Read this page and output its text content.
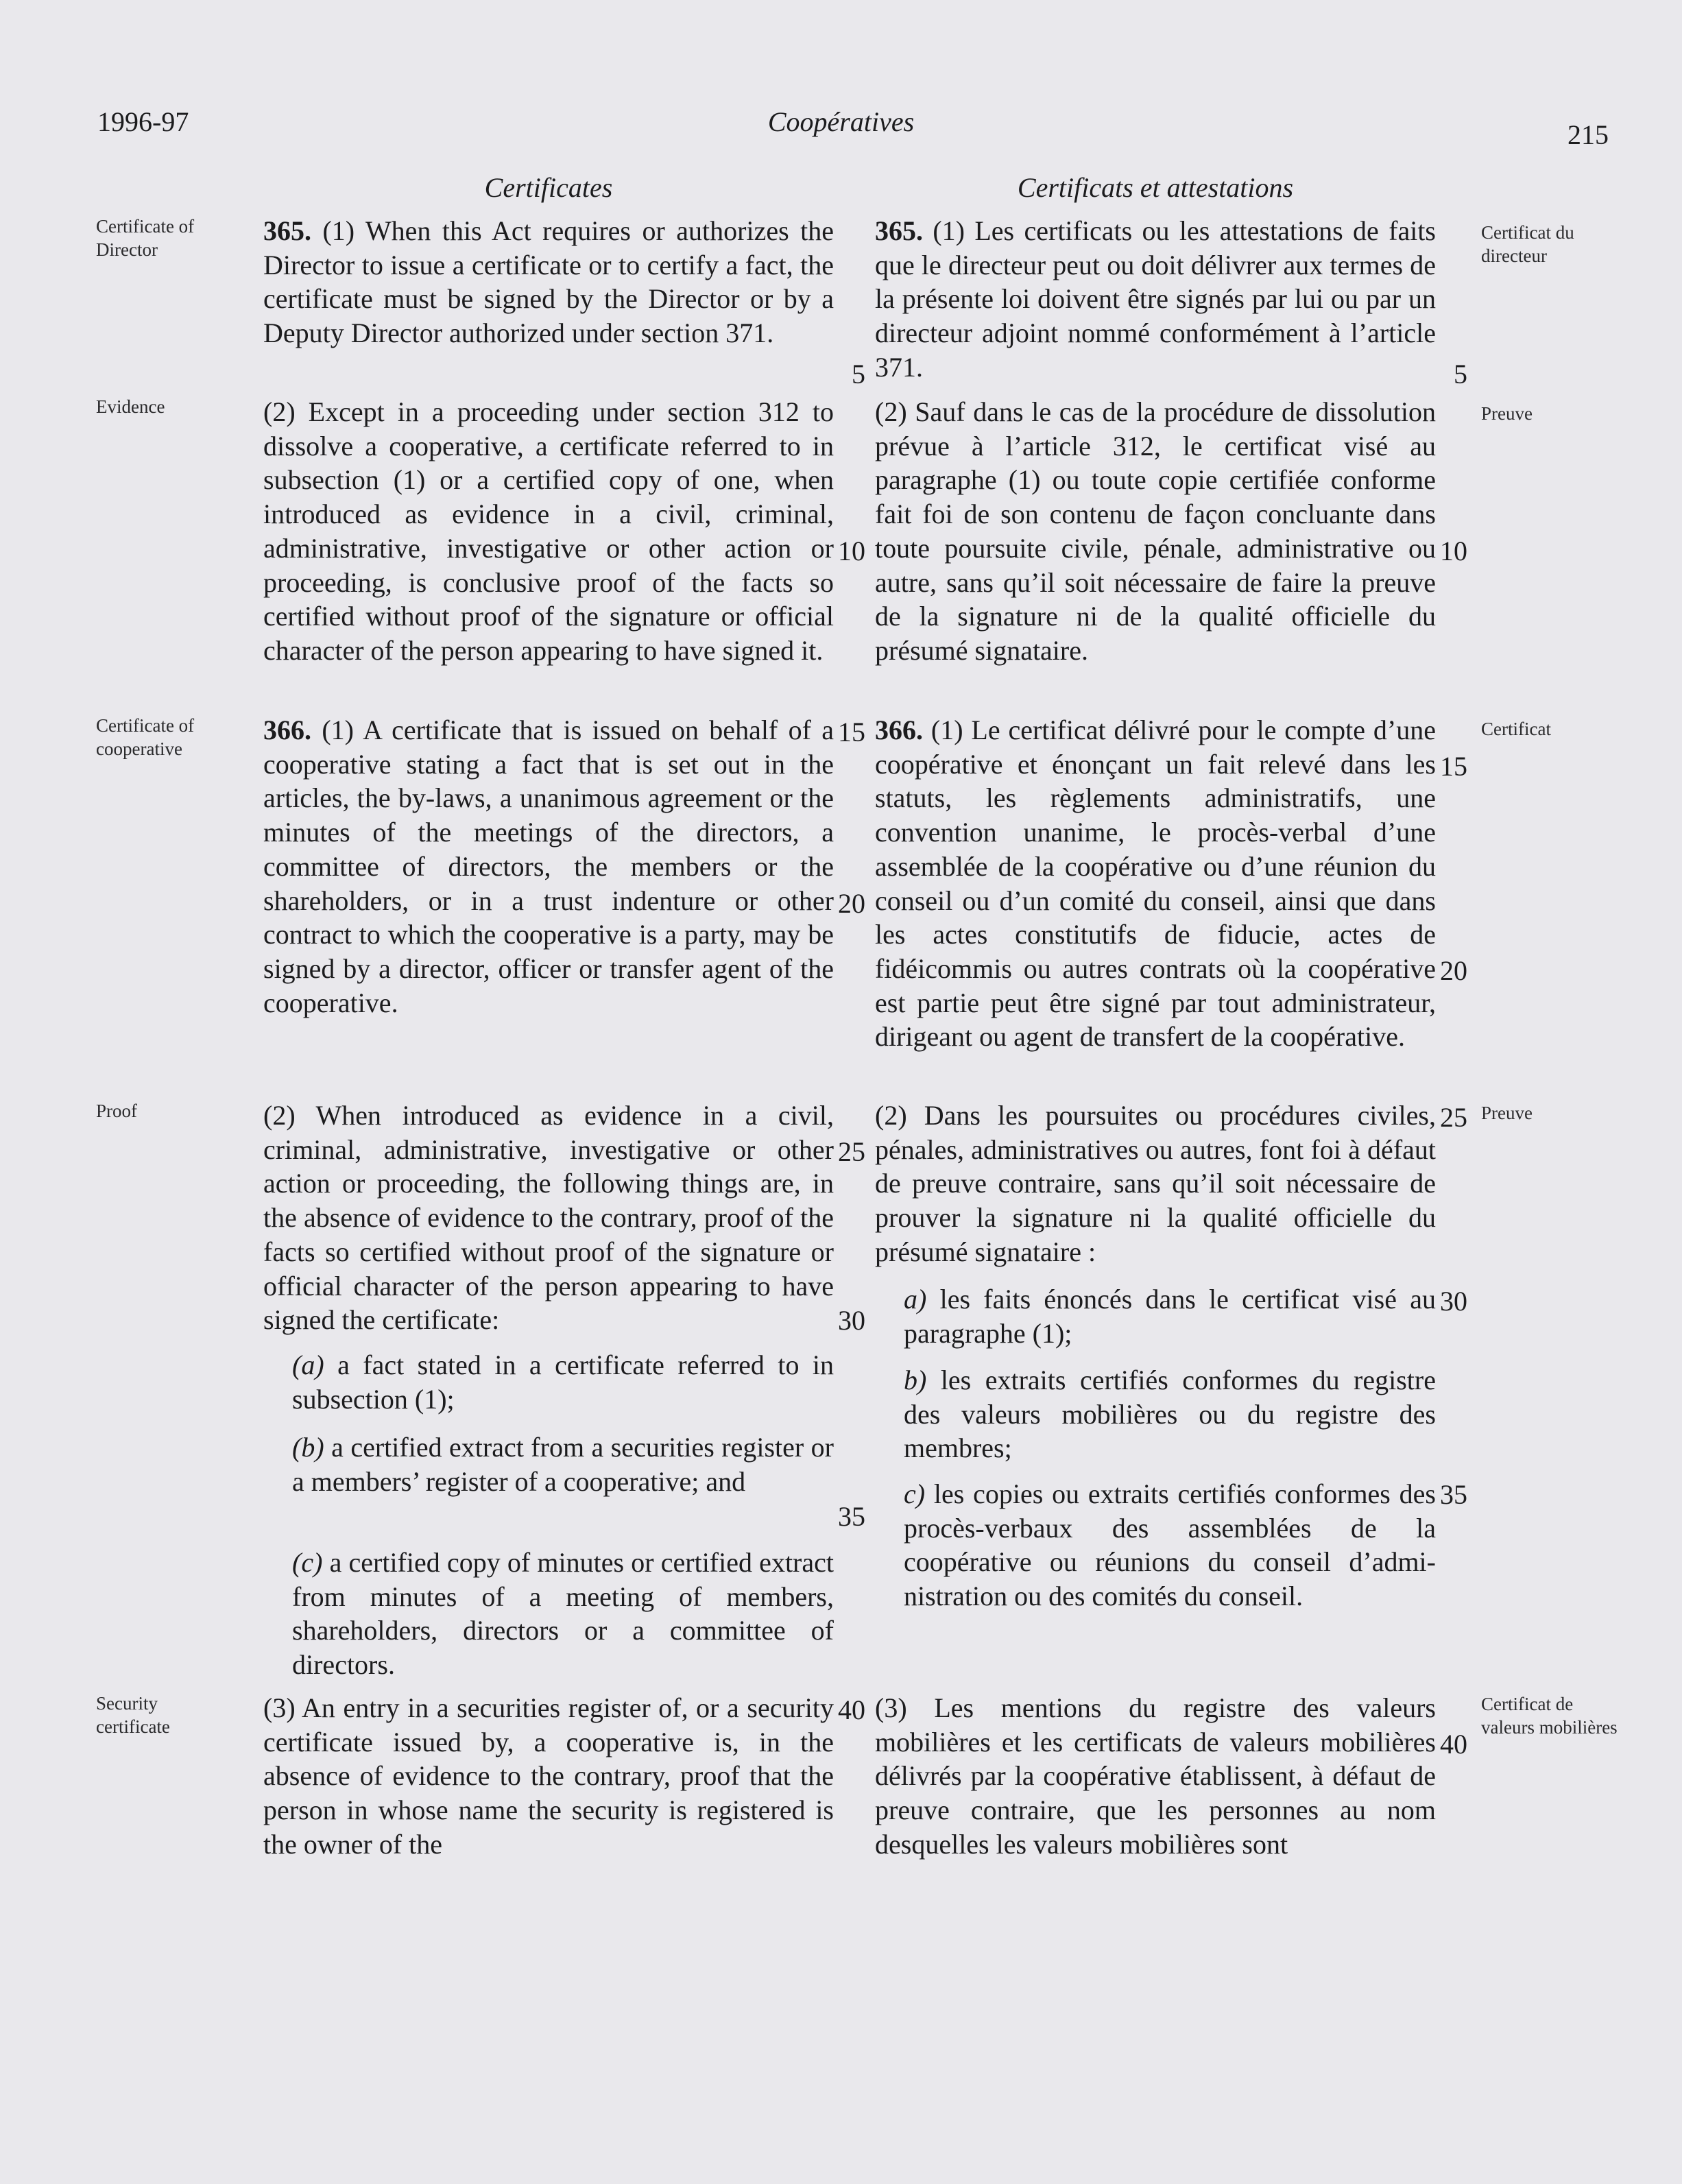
1996-97	Coopératives	215
Certificates	Certificats et attestations
Certificate of Director
Evidence
Certificate of cooperative
Proof
Security certificate
Certificat du directeur
Preuve
Certificat
Preuve
Certificat de valeurs mobilières
365. (1) When this Act requires or authorizes the Director to issue a certificate or to certify a fact, the certificate must be signed by the Director or by a Deputy Director authorized under section 371.
(2) Except in a proceeding under section 312 to dissolve a cooperative, a certificate referred to in subsection (1) or a certified copy of one, when introduced as evidence in a civil, criminal, administrative, investigative or other action or proceeding, is conclusive proof of the facts so certified without proof of the signature or official character of the person appearing to have signed it.
366. (1) A certificate that is issued on behalf of a cooperative stating a fact that is set out in the articles, the by-laws, a unanimous agreement or the minutes of the meetings of the directors, a committee of directors, the members or the shareholders, or in a trust indenture or other contract to which the cooperative is a party, may be signed by a director, officer or transfer agent of the cooperative.
(2) When introduced as evidence in a civil, criminal, administrative, investigative or other action or proceeding, the following things are, in the absence of evidence to the contrary, proof of the facts so certified without proof of the signature or official character of the person appearing to have signed the certificate:
(a) a fact stated in a certificate referred to in subsection (1);
(b) a certified extract from a securities register or a members’ register of a cooperative; and
(c) a certified copy of minutes or certified extract from minutes of a meeting of members, shareholders, directors or a committee of directors.
(3) An entry in a securities register of, or a security certificate issued by, a cooperative is, in the absence of evidence to the contrary, proof that the person in whose name the security is registered is the owner of the
365. (1) Les certificats ou les attestations de faits que le directeur peut ou doit délivrer aux termes de la présente loi doivent être signés par lui ou par un directeur adjoint nommé conformément à l’article 371.
(2) Sauf dans le cas de la procédure de dissolution prévue à l’article 312, le certificat visé au paragraphe (1) ou toute copie certifiée conforme fait foi de son contenu de façon concluante dans toute poursuite civile, pénale, administrative ou autre, sans qu’il soit nécessaire de faire la preuve de la signature ni de la qualité officielle du présumé signataire.
366. (1) Le certificat délivré pour le compte d’une coopérative et énonçant un fait relevé dans les statuts, les règlements administratifs, une convention unanime, le procès-verbal d’une assemblée de la coopérative ou d’une réunion du conseil ou d’un comité du conseil, ainsi que dans les actes constitutifs de fiducie, actes de fidéicommis ou autres contrats où la coopérative est partie peut être signé par tout administrateur, dirigeant ou agent de transfert de la coopérative.
(2) Dans les poursuites ou procédures civiles, pénales, administratives ou autres, font foi à défaut de preuve contraire, sans qu’il soit nécessaire de prouver la signature ni la qualité officielle du présumé signataire :
a) les faits énoncés dans le certificat visé au paragraphe (1);
b) les extraits certifiés conformes du registre des valeurs mobilières ou du registre des membres;
c) les copies ou extraits certifiés conformes des procès-verbaux des assemblées de la coopérative ou réunions du conseil d’administration ou des comités du conseil.
(3) Les mentions du registre des valeurs mobilières et les certificats de valeurs mobilières délivrés par la coopérative établissent, à défaut de preuve contraire, que les personnes au nom desquelles les valeurs mobilières sont
5
10
15
20
25
30
35
40
5
10
15
20
25
30
35
40
